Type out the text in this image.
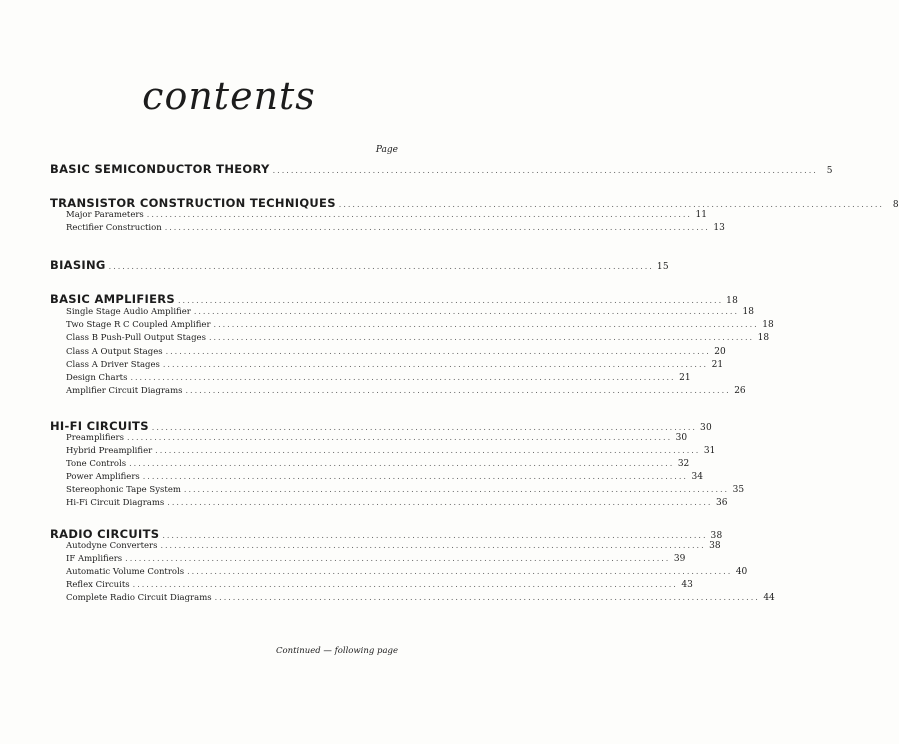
contents
Page
BASIC SEMICONDUCTOR THEORY ........................................................................................................................ 5
TRANSISTOR CONSTRUCTION TECHNIQUES ........................................................................................................................ 8
Major Parameters ........................................................................................................................ 11
Rectifier Construction ........................................................................................................................ 13
BIASING ........................................................................................................................ 15
BASIC AMPLIFIERS ........................................................................................................................ 18
Single Stage Audio Amplifier ........................................................................................................................ 18
Two Stage R C Coupled Amplifier ........................................................................................................................ 18
Class B Push-Pull Output Stages ........................................................................................................................ 18
Class A Output Stages ........................................................................................................................ 20
Class A Driver Stages ........................................................................................................................ 21
Design Charts ........................................................................................................................ 21
Amplifier Circuit Diagrams ........................................................................................................................ 26
HI-FI CIRCUITS ........................................................................................................................ 30
Preamplifiers ........................................................................................................................ 30
Hybrid Preamplifier ........................................................................................................................ 31
Tone Controls ........................................................................................................................ 32
Power Amplifiers ........................................................................................................................ 34
Stereophonic Tape System ........................................................................................................................ 35
Hi-Fi Circuit Diagrams ........................................................................................................................ 36
RADIO CIRCUITS ........................................................................................................................ 38
Autodyne Converters ........................................................................................................................ 38
IF Amplifiers ........................................................................................................................ 39
Automatic Volume Controls ........................................................................................................................ 40
Reflex Circuits ........................................................................................................................ 43
Complete Radio Circuit Diagrams ........................................................................................................................ 44
Continued — following page
